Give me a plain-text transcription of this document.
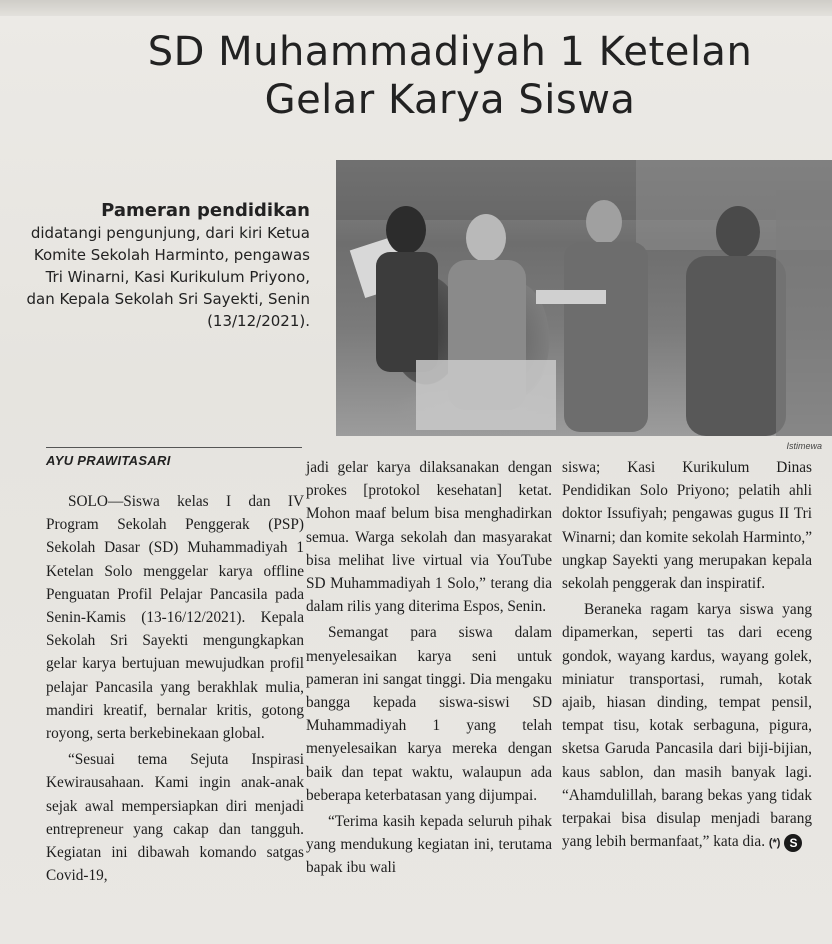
SD Muhammadiyah 1 Ketelan
Gelar Karya Siswa
Pameran pendidikan
didatangi pengunjung, dari kiri Ketua Komite Sekolah Harminto, pengawas Tri Winarni, Kasi Kurikulum Priyono, dan Kepala Sekolah Sri Sayekti, Senin (13/12/2021).
Istimewa
AYU PRAWITASARI

SOLO—Siswa kelas I dan IV Program Sekolah Penggerak (PSP) Sekolah Dasar (SD) Muhammadiyah 1 Ketelan Solo menggelar karya offline Penguatan Profil Pelajar Pancasila pada Senin-Kamis (13-16/12/2021). Kepala Sekolah Sri Sayekti mengungkapkan gelar karya bertujuan mewujudkan profil pelajar Pancasila yang berakhlak mulia, mandiri kreatif, bernalar kritis, gotong royong, serta berkebinekaan global.

“Sesuai tema Sejuta Inspirasi Kewirausahaan. Kami ingin anak-anak sejak awal mempersiapkan diri menjadi entrepreneur yang cakap dan tangguh. Kegiatan ini dibawah komando satgas Covid-19,

jadi gelar karya dilaksanakan dengan prokes [protokol kesehatan] ketat. Mohon maaf belum bisa menghadirkan semua. Warga sekolah dan masyarakat bisa melihat live virtual via YouTube SD Muhammadiyah 1 Solo,” terang dia dalam rilis yang diterima Espos, Senin.

Semangat para siswa dalam menyelesaikan karya seni untuk pameran ini sangat tinggi. Dia mengaku bangga kepada siswa-siswi SD Muhammadiyah 1 yang telah menyelesaikan karya mereka dengan baik dan tepat waktu, walaupun ada beberapa keterbatasan yang dijumpai.

“Terima kasih kepada seluruh pihak yang mendukung kegiatan ini, terutama bapak ibu wali

siswa; Kasi Kurikulum Dinas Pendidikan Solo Priyono; pelatih ahli doktor Issufiyah; pengawas gugus II Tri Winarni; dan komite sekolah Harminto,” ungkap Sayekti yang merupakan kepala sekolah penggerak dan inspiratif.

Beraneka ragam karya siswa yang dipamerkan, seperti tas dari eceng gondok, wayang kardus, wayang golek, miniatur transportasi, rumah, kotak ajaib, hiasan dinding, tempat pensil, tempat tisu, kotak serbaguna, pigura, sketsa Garuda Pancasila dari biji-bijian, kaus sablon, dan masih banyak lagi. “Ahamdulillah, barang bekas yang tidak terpakai bisa disulap menjadi barang yang lebih bermanfaat,” kata dia. (*) S
